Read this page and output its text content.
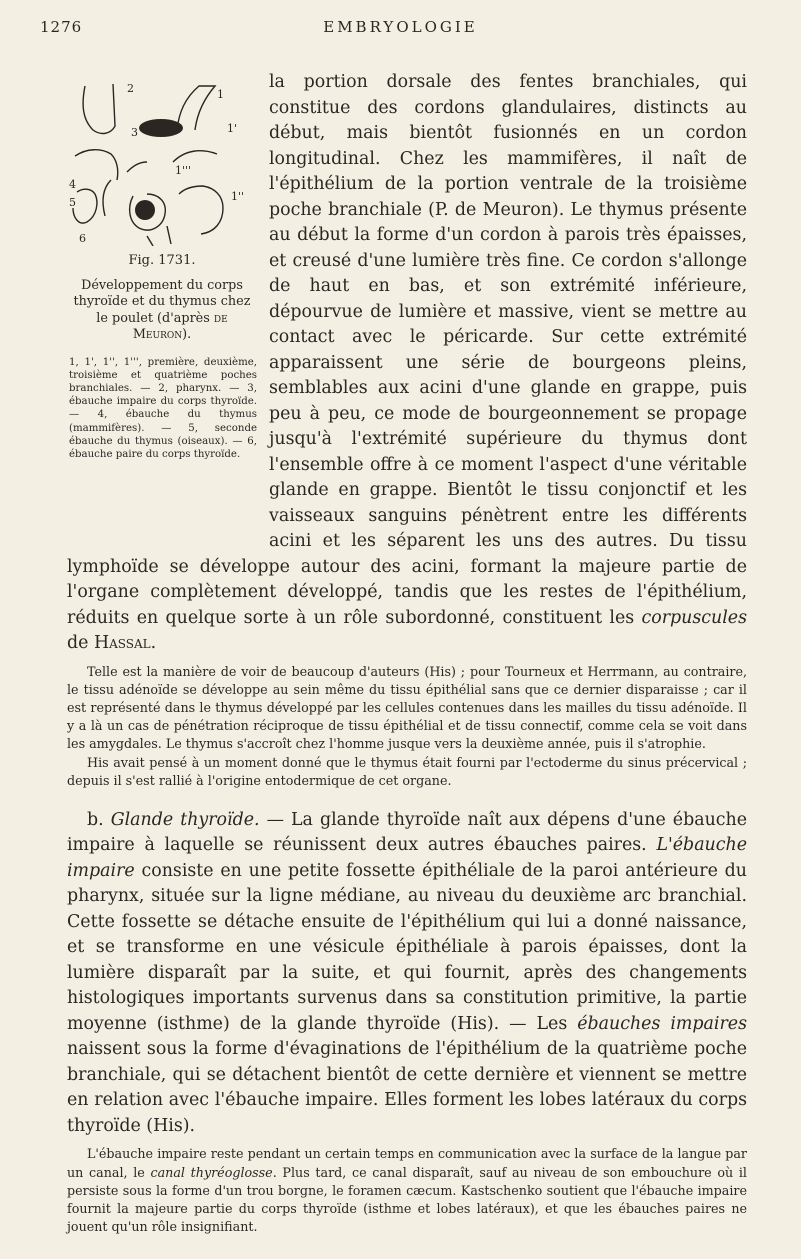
1276	EMBRYOLOGIE

2	1
1'
3
1'''
4
5	1''
6
Fig. 1731.
Développement du corps thyroïde et du thymus chez le poulet (d'après de Meuron).
1, 1', 1'', 1''', première, deuxième, troisième et quatrième poches branchiales. — 2, pharynx. — 3, ébauche impaire du corps thyroïde. — 4, ébauche du thymus (mammifères). — 5, seconde ébauche du thymus (oiseaux). — 6, ébauche paire du corps thyroïde.
la portion dorsale des fentes branchiales, qui constitue des cordons glandulaires, distincts au début, mais bientôt fusionnés en un cordon longitudinal. Chez les mammifères, il naît de l'épithélium de la portion ventrale de la troisième poche branchiale (P. de Meuron). Le thymus présente au début la forme d'un cordon à parois très épaisses, et creusé d'une lumière très fine. Ce cordon s'allonge de haut en bas, et son extrémité inférieure, dépourvue de lumière et massive, vient se mettre au contact avec le péricarde. Sur cette extrémité apparaissent une série de bourgeons pleins, semblables aux acini d'une glande en grappe, puis peu à peu, ce mode de bourgeonnement se propage jusqu'à l'extrémité supérieure du thymus dont l'ensemble offre à ce moment l'aspect d'une véritable glande en grappe. Bientôt le tissu conjonctif et les vaisseaux sanguins pénètrent entre les différents acini et les séparent les uns des autres. Du tissu lymphoïde se développe autour des acini, formant la majeure partie de l'organe complètement développé, tandis que les restes de l'épithélium, réduits en quelque sorte à un rôle subordonné, constituent les corpuscules de Hassal.

Telle est la manière de voir de beaucoup d'auteurs (His) ; pour Tourneux et Herrmann, au contraire, le tissu adénoïde se développe au sein même du tissu épithélial sans que ce dernier disparaisse ; car il est représenté dans le thymus développé par les cellules contenues dans les mailles du tissu adénoïde. Il y a là un cas de pénétration réciproque de tissu épithélial et de tissu connectif, comme cela se voit dans les amygdales. Le thymus s'accroît chez l'homme jusque vers la deuxième année, puis il s'atrophie.

His avait pensé à un moment donné que le thymus était fourni par l'ectoderme du sinus précervical ; depuis il s'est rallié à l'origine entodermique de cet organe.

b. Glande thyroïde. — La glande thyroïde naît aux dépens d'une ébauche impaire à laquelle se réunissent deux autres ébauches paires. L'ébauche impaire consiste en une petite fossette épithéliale de la paroi antérieure du pharynx, située sur la ligne médiane, au niveau du deuxième arc branchial. Cette fossette se détache ensuite de l'épithélium qui lui a donné naissance, et se transforme en une vésicule épithéliale à parois épaisses, dont la lumière disparaît par la suite, et qui fournit, après des changements histologiques importants survenus dans sa constitution primitive, la partie moyenne (isthme) de la glande thyroïde (His). — Les ébauches impaires naissent sous la forme d'évaginations de l'épithélium de la quatrième poche branchiale, qui se détachent bientôt de cette dernière et viennent se mettre en relation avec l'ébauche impaire. Elles forment les lobes latéraux du corps thyroïde (His).

L'ébauche impaire reste pendant un certain temps en communication avec la surface de la langue par un canal, le canal thyréoglosse. Plus tard, ce canal disparaît, sauf au niveau de son embouchure où il persiste sous la forme d'un trou borgne, le foramen cæcum. Kastschenko soutient que l'ébauche impaire fournit la majeure partie du corps thyroïde (isthme et lobes latéraux), et que les ébauches paires ne jouent qu'un rôle insignifiant.
